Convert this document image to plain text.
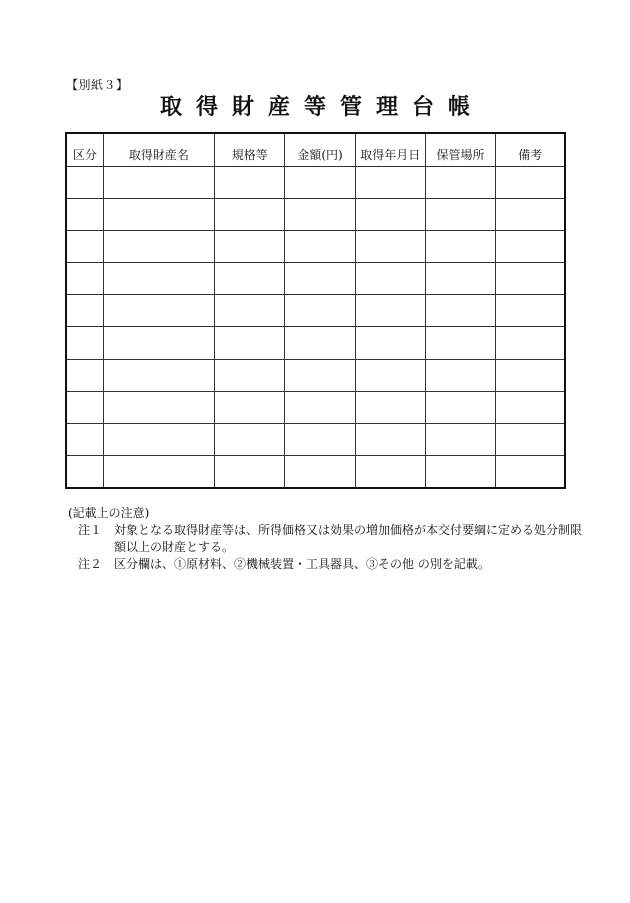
【別紙３】
取得財産等管理台帳
区分	取得財産名	規格等	金額(円)	取得年月日	保管場所	備考

(記載上の注意)
注１ 対象となる取得財産等は、所得価格又は効果の増加価格が本交付要綱に定める処分制限額以上の財産とする。
注２ 区分欄は、①原材料、②機械装置・工具器具、③その他 の別を記載。
